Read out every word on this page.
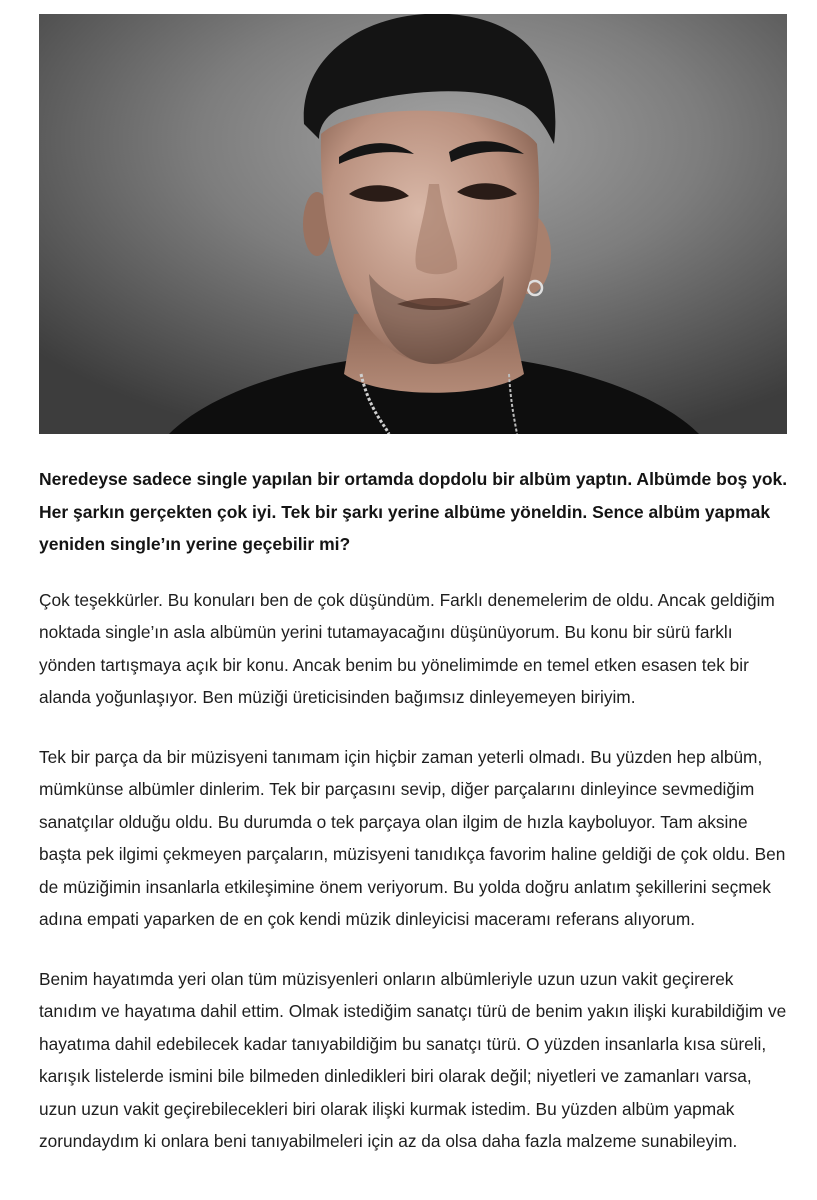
Neredeyse sadece single yapılan bir ortamda dopdolu bir albüm yaptın. Albümde boş yok. Her şarkın gerçekten çok iyi. Tek bir şarkı yerine albüme yöneldin. Sence albüm yapmak yeniden single’ın yerine geçebilir mi?

Çok teşekkürler. Bu konuları ben de çok düşündüm. Farklı denemelerim de oldu. Ancak geldiğim noktada single’ın asla albümün yerini tutamayacağını düşünüyorum. Bu konu bir sürü farklı yönden tartışmaya açık bir konu. Ancak benim bu yönelimimde en temel etken esasen tek bir alanda yoğunlaşıyor. Ben müziği üreticisinden bağımsız dinleyemeyen biriyim.

Tek bir parça da bir müzisyeni tanımam için hiçbir zaman yeterli olmadı. Bu yüzden hep albüm, mümkünse albümler dinlerim. Tek bir parçasını sevip, diğer parçalarını dinleyince sevmediğim sanatçılar olduğu oldu. Bu durumda o tek parçaya olan ilgim de hızla kayboluyor. Tam aksine başta pek ilgimi çekmeyen parçaların, müzisyeni tanıdıkça favorim haline geldiği de çok oldu. Ben de müziğimin insanlarla etkileşimine önem veriyorum. Bu yolda doğru anlatım şekillerini seçmek adına empati yaparken de en çok kendi müzik dinleyicisi maceramı referans alıyorum.

Benim hayatımda yeri olan tüm müzisyenleri onların albümleriyle uzun uzun vakit geçirerek tanıdım ve hayatıma dahil ettim. Olmak istediğim sanatçı türü de benim yakın ilişki kurabildiğim ve hayatıma dahil edebilecek kadar tanıyabildiğim bu sanatçı türü. O yüzden insanlarla kısa süreli, karışık listelerde ismini bile bilmeden dinledikleri biri olarak değil; niyetleri ve zamanları varsa, uzun uzun vakit geçirebilecekleri biri olarak ilişki kurmak istedim. Bu yüzden albüm yapmak zorundaydım ki onlara beni tanıyabilmeleri için az da olsa daha fazla malzeme sunabileyim.
